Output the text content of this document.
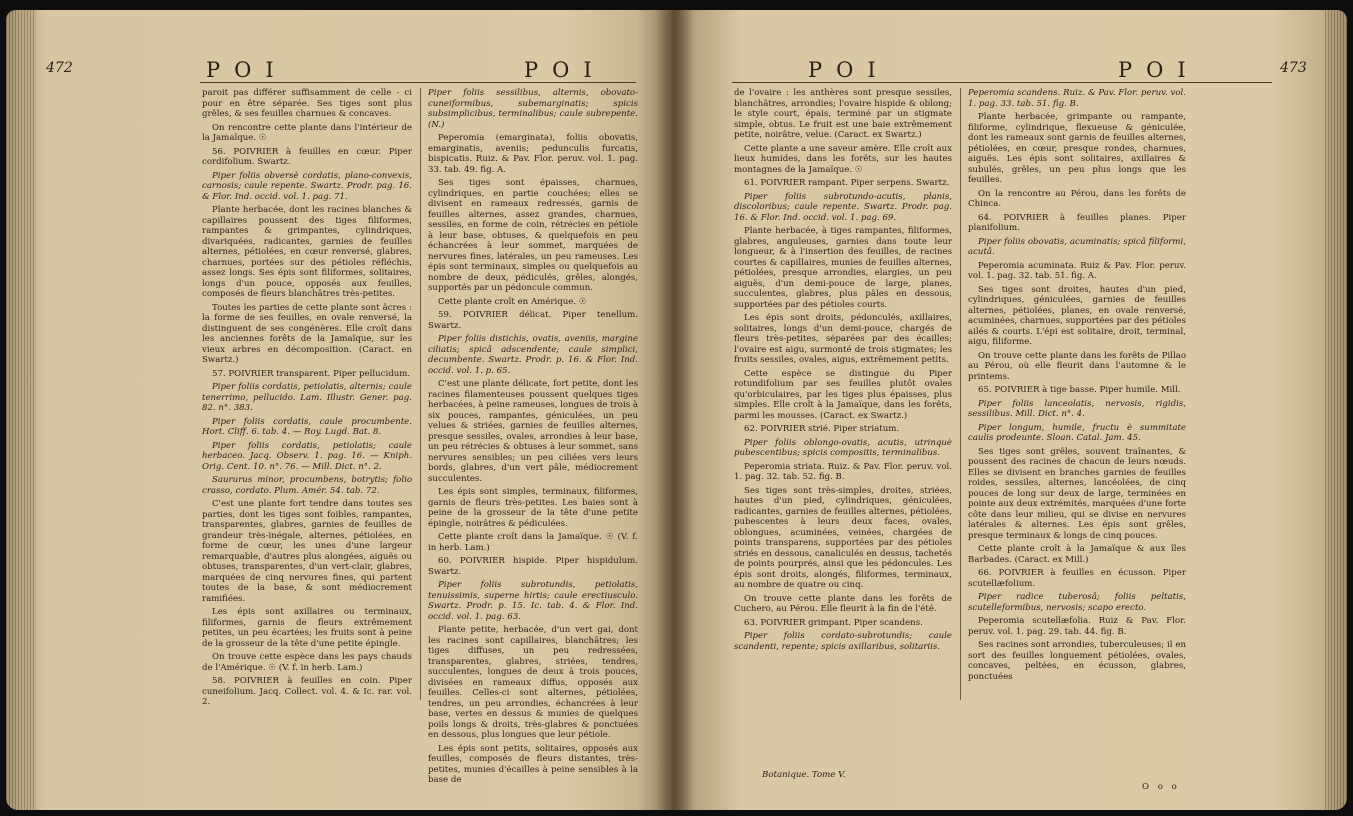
472	POI	POI

paroit pas différer suffisamment de celle - ci pour en être séparée. Ses tiges sont plus grêles, & ses feuilles charnues & concaves.

On rencontre cette plante dans l'intérieur de la Jamaïque. ☉

56. POIVRIER à feuilles en cœur. Piper cordifolium. Swartz.

Piper foliis obversè cordatis, plano-convexis, carnosis; caule repente. Swartz. Prodr. pag. 16. & Flor. Ind. occid. vol. 1. pag. 71.

Plante herbacée, dont les racines blanches & capillaires poussent des tiges filiformes, rampantes & grimpantes, cylindriques, divariquées, radicantes, garnies de feuilles alternes, pétiolées, en cœur renversé, glabres, charnues, portées sur des pétioles réfléchis, assez longs. Ses épis sont filiformes, solitaires, longs d'un pouce, opposés aux feuilles, composés de fleurs blanchâtres très-petites.

Toutes les parties de cette plante sont âcres : la forme de ses feuilles, en ovale renversé, la distinguent de ses congénères. Elle croît dans les anciennes forêts de la Jamaïque, sur les vieux arbres en décomposition. (Caract. en Swartz.)

57. POIVRIER transparent. Piper pellucidum.

Piper foliis cordatis, petiolatis, alternis; caule tenerrimo, pellucido. Lam. Illustr. Gener. pag. 82. n°. 383.

Piper foliis cordatis, caule procumbente. Hort. Cliff. 6. tab. 4. — Roy. Lugd. Bat. 8.

Piper foliis cordatis, petiolatis; caule herbaceo. Jacq. Observ. 1. pag. 16. — Kniph. Orig. Cent. 10. n°. 76. — Mill. Dict. n°. 2.

Saururus minor, procumbens, botrytis; folio crasso, cordato. Plum. Amér. 54. tab. 72.

C'est une plante fort tendre dans toutes ses parties, dont les tiges sont foibles, rampantes, transparentes, glabres, garnies de feuilles de grandeur très-inégale, alternes, pétiolées, en forme de cœur, les unes d'une largeur remarquable, d'autres plus alongées, aiguës ou obtuses, transparentes, d'un vert-clair, glabres, marquées de cinq nervures fines, qui partent toutes de la base, & sont médiocrement ramifiées.

Les épis sont axillaires ou terminaux, filiformes, garnis de fleurs extrêmement petites, un peu écartées; les fruits sont à peine de la grosseur de la tête d'une petite épingle.

On trouve cette espèce dans les pays chauds de l'Amérique. ☉ (V. f. in herb. Lam.)

58. POIVRIER à feuilles en coin. Piper cuneifolium. Jacq. Collect. vol. 4. & Ic. rar. vol. 2.

Piper foliis sessilibus, alternis, obovato-cuneiformibus, subemarginatis; spicis subsimplicibus, terminalibus; caule subrepente. (N.)

Peperomia (emarginata), foliis obovatis, emarginatis, aveniis; pedunculis furcatis, bispicatis. Ruiz. & Pav. Flor. peruv. vol. 1. pag. 33. tab. 49. fig. A.

Ses tiges sont épaisses, charnues, cylindriques, en partie couchées; elles se divisent en rameaux redressés, garnis de feuilles alternes, assez grandes, charnues, sessiles, en forme de coin, rétrécies en pétiole à leur base, obtuses, & quelquefois en peu échancrées à leur sommet, marquées de nervures fines, latérales, un peu rameuses. Les épis sont terminaux, simples ou quelquefois au nombre de deux, pédiculés, grêles, alongés, supportés par un pédoncule commun.

Cette plante croît en Amérique. ☉

59. POIVRIER délicat. Piper tenellum. Swartz.

Piper foliis distichis, ovatis, aveniis, margine ciliatis; spicâ adscendente; caule simplici, decumbente. Swartz. Prodr. p. 16. & Flor. Ind. occid. vol. 1. p. 65.

C'est une plante délicate, fort petite, dont les racines filamenteuses poussent quelques tiges herbacées, à peine rameuses, longues de trois à six pouces, rampantes, géniculées, un peu velues & striées, garnies de feuilles alternes, presque sessiles, ovales, arrondies à leur base, un peu rétrécies & obtuses à leur sommet, sans nervures sensibles; un peu ciliées vers leurs bords, glabres, d'un vert pâle, médiocrement succulentes.

Les épis sont simples, terminaux, filiformes, garnis de fleurs très-petites. Les baies sont à peine de la grosseur de la tête d'une petite épingle, noirâtres & pédiculées.

Cette plante croît dans la Jamaïque. ☉ (V. f. in herb. Lam.)

60. POIVRIER hispide. Piper hispidulum. Swartz.

Piper foliis subrotundis, petiolatis, tenuissimis, superne hirtis; caule erectiusculo. Swartz. Prodr. p. 15. Ic. tab. 4. & Flor. Ind. occid. vol. 1. pag. 63.

Plante petite, herbacée, d'un vert gai, dont les racines sont capillaires, blanchâtres; les tiges diffuses, un peu redressées, transparentes, glabres, striées, tendres, succulentes, longues de deux à trois pouces, divisées en rameaux diffus, opposés aux feuilles. Celles-ci sont alternes, pétiolées, tendres, un peu arrondies, échancrées à leur base, vertes en dessus & munies de quelques poils longs & droits, très-glabres & ponctuées en dessous, plus longues que leur pétiole.

Les épis sont petits, solitaires, opposés aux feuilles, composés de fleurs distantes, très-petites, munies d'écailles à peine sensibles à la base de

POI	POI	473

de l'ovaire : les anthères sont presque sessiles, blanchâtres, arrondies; l'ovaire hispide & oblong; le style court, épais, terminé par un stigmate simple, obtus. Le fruit est une baie extrêmement petite, noirâtre, velue. (Caract. ex Swartz.)

Cette plante a une saveur amère. Elle croît aux lieux humides, dans les forêts, sur les hautes montagnes de la Jamaïque. ☉

61. POIVRIER rampant. Piper serpens. Swartz.

Piper foliis subrotundo-acutis, planis, discoloribus; caule repente. Swartz. Prodr. pag. 16. & Flor. Ind. occid. vol. 1. pag. 69.

Plante herbacée, à tiges rampantes, filiformes, glabres, anguleuses, garnies dans toute leur longueur, & à l'insertion des feuilles, de racines courtes & capillaires, munies de feuilles alternes, pétiolées, presque arrondies, elargies, un peu aiguës, d'un demi-pouce de large, planes, succulentes, glabres, plus pâles en dessous, supportées par des pétioles courts.

Les épis sont droits, pédonculés, axillaires, solitaires, longs d'un demi-pouce, chargés de fleurs très-petites, séparées par des écailles; l'ovaire est aigu, surmonté de trois stigmates; les fruits sessiles, ovales, aigus, extrêmement petits.

Cette espèce se distingue du Piper rotundifolium par ses feuilles plutôt ovales qu'orbiculaires, par les tiges plus épaisses, plus simples. Elle croît à la Jamaïque, dans les forêts, parmi les mousses. (Caract. ex Swartz.)

62. POIVRIER strié. Piper striatum.

Piper foliis oblongo-ovatis, acutis, utrinquè pubescentibus; spicis compositis, terminalibus.

Peperomia striata. Ruiz. & Pav. Flor. peruv. vol. 1. pag. 32. tab. 52. fig. B.

Ses tiges sont très-simples, droites, striées, hautes d'un pied, cylindriques, géniculées, radicantes, garnies de feuilles alternes, pétiolées, pubescentes à leurs deux faces, ovales, oblongues, acuminées, veinées, chargées de points transparens, supportées par des pétioles striés en dessous, canaliculés en dessus, tachetés de points pourprés, ainsi que les pédoncules. Les épis sont droits, alongés, filiformes, terminaux, au nombre de quatre ou cinq.

On trouve cette plante dans les forêts de Cuchero, au Pérou. Elle fleurit à la fin de l'été.

63. POIVRIER grimpant. Piper scandens.

Piper foliis cordato-subrotundis; caule scandenti, repente; spicis axillaribus, solitariis.

Botanique. Tome V.

Peperomia scandens. Ruiz. & Pav. Flor. peruv. vol. 1. pag. 33. tab. 51. fig. B.

Plante herbacée, grimpante ou rampante, filiforme, cylindrique, flexueuse & géniculée, dont les rameaux sont garnis de feuilles alternes, pétiolées, en cœur, presque rondes, charnues, aiguës. Les épis sont solitaires, axillaires & subulés, grêles, un peu plus longs que les feuilles.

On la rencontre au Pérou, dans les forêts de Chinca.

64. POIVRIER à feuilles planes. Piper planifolium.

Piper foliis obovatis, acuminatis; spicâ filiformi, acutâ.

Peperomia acuminata. Ruiz & Pav. Flor. peruv. vol. 1. pag. 32. tab. 51. fig. A.

Ses tiges sont droites, hautes d'un pied, cylindriques, géniculées, garnies de feuilles alternes, pétiolées, planes, en ovale renversé, acuminées, charnues, supportées par des pétioles ailés & courts. L'épi est solitaire, droit, terminal, aigu, filiforme.

On trouve cette plante dans les forêts de Pillao au Pérou, où elle fleurit dans l'automne & le printems.

65. POIVRIER à tige basse. Piper humile. Mill.

Piper foliis lanceolatis, nervosis, rigidis, sessilibus. Mill. Dict. n°. 4.

Piper longum, humile, fructu è summitate caulis prodeunte. Sloan. Catal. Jam. 45.

Ses tiges sont grêles, souvent traînantes, & poussent des racines de chacun de leurs nœuds. Elles se divisent en branches garnies de feuilles roides, sessiles, alternes, lancéolées, de cinq pouces de long sur deux de large, terminées en pointe aux deux extrémités, marquées d'une forte côte dans leur milieu, qui se divise en nervures latérales & alternes. Les épis sont grêles, presque terminaux & longs de cinq pouces.

Cette plante croît à la Jamaïque & aux îles Barbades. (Caract. ex Mill.)

66. POIVRIER à feuilles en écusson. Piper scutellæfolium.

Piper radice tuberosâ; foliis peltatis, scutelleformibus, nervosis; scapo erecto.

Peperomia scutellæfolia. Ruiz & Pav. Flor. peruv. vol. 1. pag. 29. tab. 44. fig. B.

Ses racines sont arrondies, tuberculeuses; il en sort des feuilles longuement pétiolées, ovales, concaves, peltées, en écusson, glabres, ponctuées

O o o
